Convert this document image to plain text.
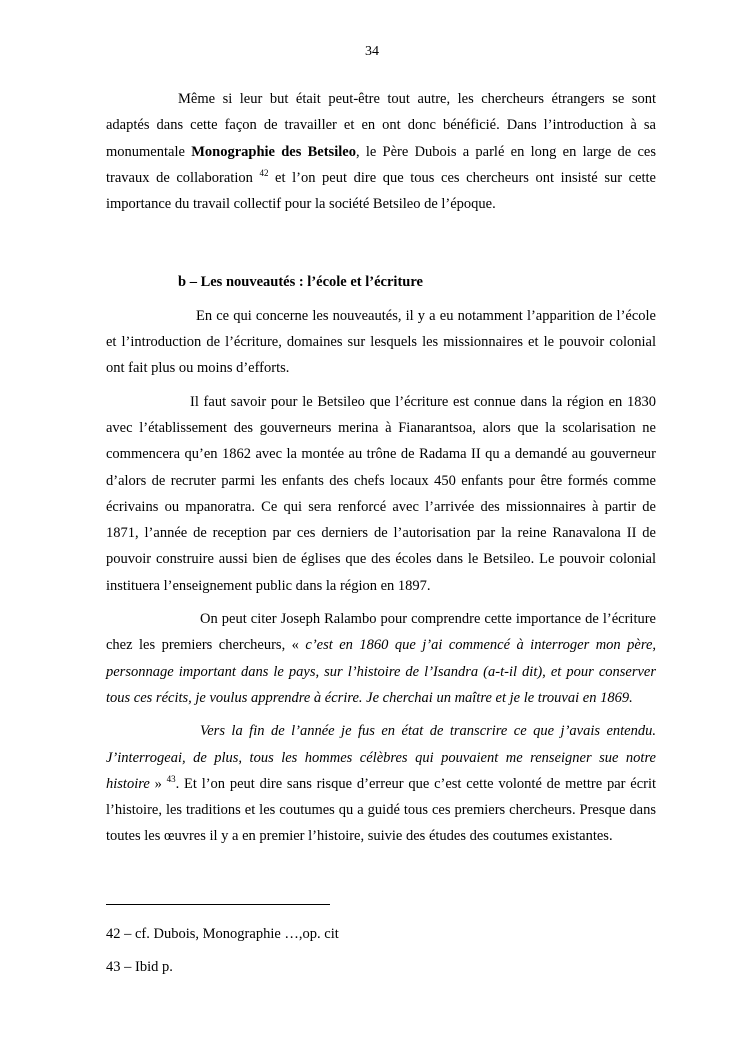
34

Même si leur but était peut-être tout autre, les chercheurs étrangers se sont adaptés dans cette façon de travailler et en ont donc bénéficié. Dans l’introduction à sa monumentale Monographie des Betsileo, le Père Dubois a parlé en long en large de ces travaux de collaboration $^{42}$ et l’on peut dire que tous ces chercheurs ont insisté sur cette importance du travail collectif pour la société Betsileo de l’époque.

b – Les nouveautés : l’école et l’écriture

En ce qui concerne les nouveautés, il y a eu notamment l’apparition de l’école et l’introduction de l’écriture, domaines sur lesquels les missionnaires et le pouvoir colonial ont fait plus ou moins d’efforts.

Il faut savoir pour le Betsileo que l’écriture est connue dans la région en 1830 avec l’établissement des gouverneurs merina à Fianarantsoa, alors que la scolarisation ne commencera qu’en 1862 avec la montée au trône de Radama II qu a demandé au gouverneur d’alors de recruter parmi les enfants des chefs locaux 450 enfants pour être formés comme écrivains ou mpanoratra. Ce qui sera renforcé avec l’arrivée des missionnaires à partir de 1871, l’année de reception par ces derniers de l’autorisation par la reine Ranavalona II de pouvoir construire aussi bien de églises que des écoles dans le Betsileo. Le pouvoir colonial instituera l’enseignement public dans la région en 1897.

On peut citer Joseph Ralambo pour comprendre cette importance de l’écriture chez les premiers chercheurs, « c’est en 1860 que j’ai commencé à interroger mon père, personnage important dans le pays, sur l’histoire de l’Isandra (a-t-il dit), et pour conserver tous ces récits, je voulus apprendre à écrire. Je cherchai un maître et je le trouvai en 1869.

Vers la fin de l’année je fus en état de transcrire ce que j’avais entendu. J’interrogeai, de plus, tous les hommes célèbres qui pouvaient me renseigner sue notre histoire » $^{43}$. Et l’on peut dire sans risque d’erreur que c’est cette volonté de mettre par écrit l’histoire, les traditions et les coutumes qu a guidé tous ces premiers chercheurs. Presque dans toutes les œuvres il y a en premier l’histoire, suivie des études des coutumes existantes.

42 – cf. Dubois, Monographie …,op. cit
43 – Ibid p.
